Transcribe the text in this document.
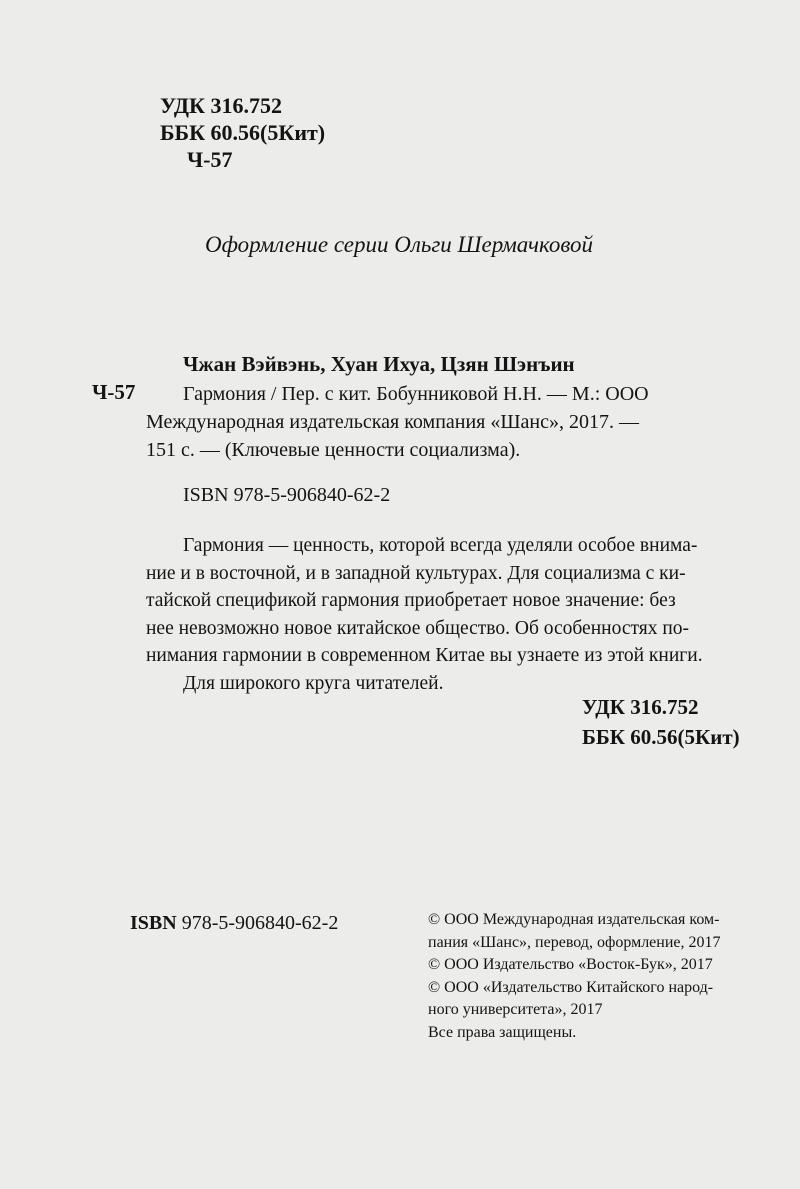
УДК 316.752
ББК 60.56(5Кит)
Ч-57
Оформление серии Ольги Шермачковой
Чжан Вэйвэнь, Хуан Ихуа, Цзян Шэнъин
Ч-57	Гармония / Пер. с кит. Бобунниковой Н.Н. — М.: ООО
Международная издательская компания «Шанс», 2017. —
151 с. — (Ключевые ценности социализма).
ISBN 978-5-906840-62-2
Гармония — ценность, которой всегда уделяли особое внима-
ние и в восточной, и в западной культурах. Для социализма с ки-
тайской спецификой гармония приобретает новое значение: без
нее невозможно новое китайское общество. Об особенностях по-
нимания гармонии в современном Китае вы узнаете из этой книги.
Для широкого круга читателей.
УДК 316.752
ББК 60.56(5Кит)
ISBN 978-5-906840-62-2	© ООО Международная издательская ком-
пания «Шанс», перевод, оформление, 2017
© ООО Издательство «Восток-Бук», 2017
© ООО «Издательство Китайского народ-
ного университета», 2017
Все права защищены.
